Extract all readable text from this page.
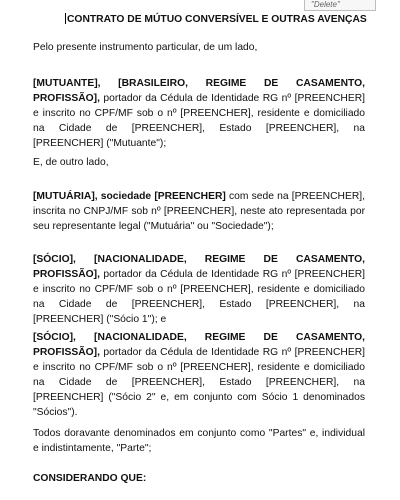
"Delete"
CONTRATO DE MÚTUO CONVERSÍVEL E OUTRAS AVENÇAS

Pelo presente instrumento particular, de um lado,

[MUTUANTE], [BRASILEIRO, REGIME DE CASAMENTO, PROFISSÃO], portador da Cédula de Identidade RG nº [PREENCHER] e inscrito no CPF/MF sob o nº [PREENCHER], residente e domiciliado na Cidade de [PREENCHER], Estado [PREENCHER], na [PREENCHER] ("Mutuante");

E, de outro lado,

[MUTUÁRIA], sociedade [PREENCHER] com sede na [PREENCHER], inscrita no CNPJ/MF sob nº [PREENCHER], neste ato representada por seu representante legal ("Mutuária" ou "Sociedade");

[SÓCIO], [NACIONALIDADE, REGIME DE CASAMENTO, PROFISSÃO], portador da Cédula de Identidade RG nº [PREENCHER] e inscrito no CPF/MF sob o nº [PREENCHER], residente e domiciliado na Cidade de [PREENCHER], Estado [PREENCHER], na [PREENCHER] ("Sócio 1"); e

[SÓCIO], [NACIONALIDADE, REGIME DE CASAMENTO, PROFISSÃO], portador da Cédula de Identidade RG nº [PREENCHER] e inscrito no CPF/MF sob o nº [PREENCHER], residente e domiciliado na Cidade de [PREENCHER], Estado [PREENCHER], na [PREENCHER] ("Sócio 2" e, em conjunto com Sócio 1 denominados "Sócios").

Todos doravante denominados em conjunto como "Partes" e, individual e indistintamente, "Parte";

CONSIDERANDO QUE:
